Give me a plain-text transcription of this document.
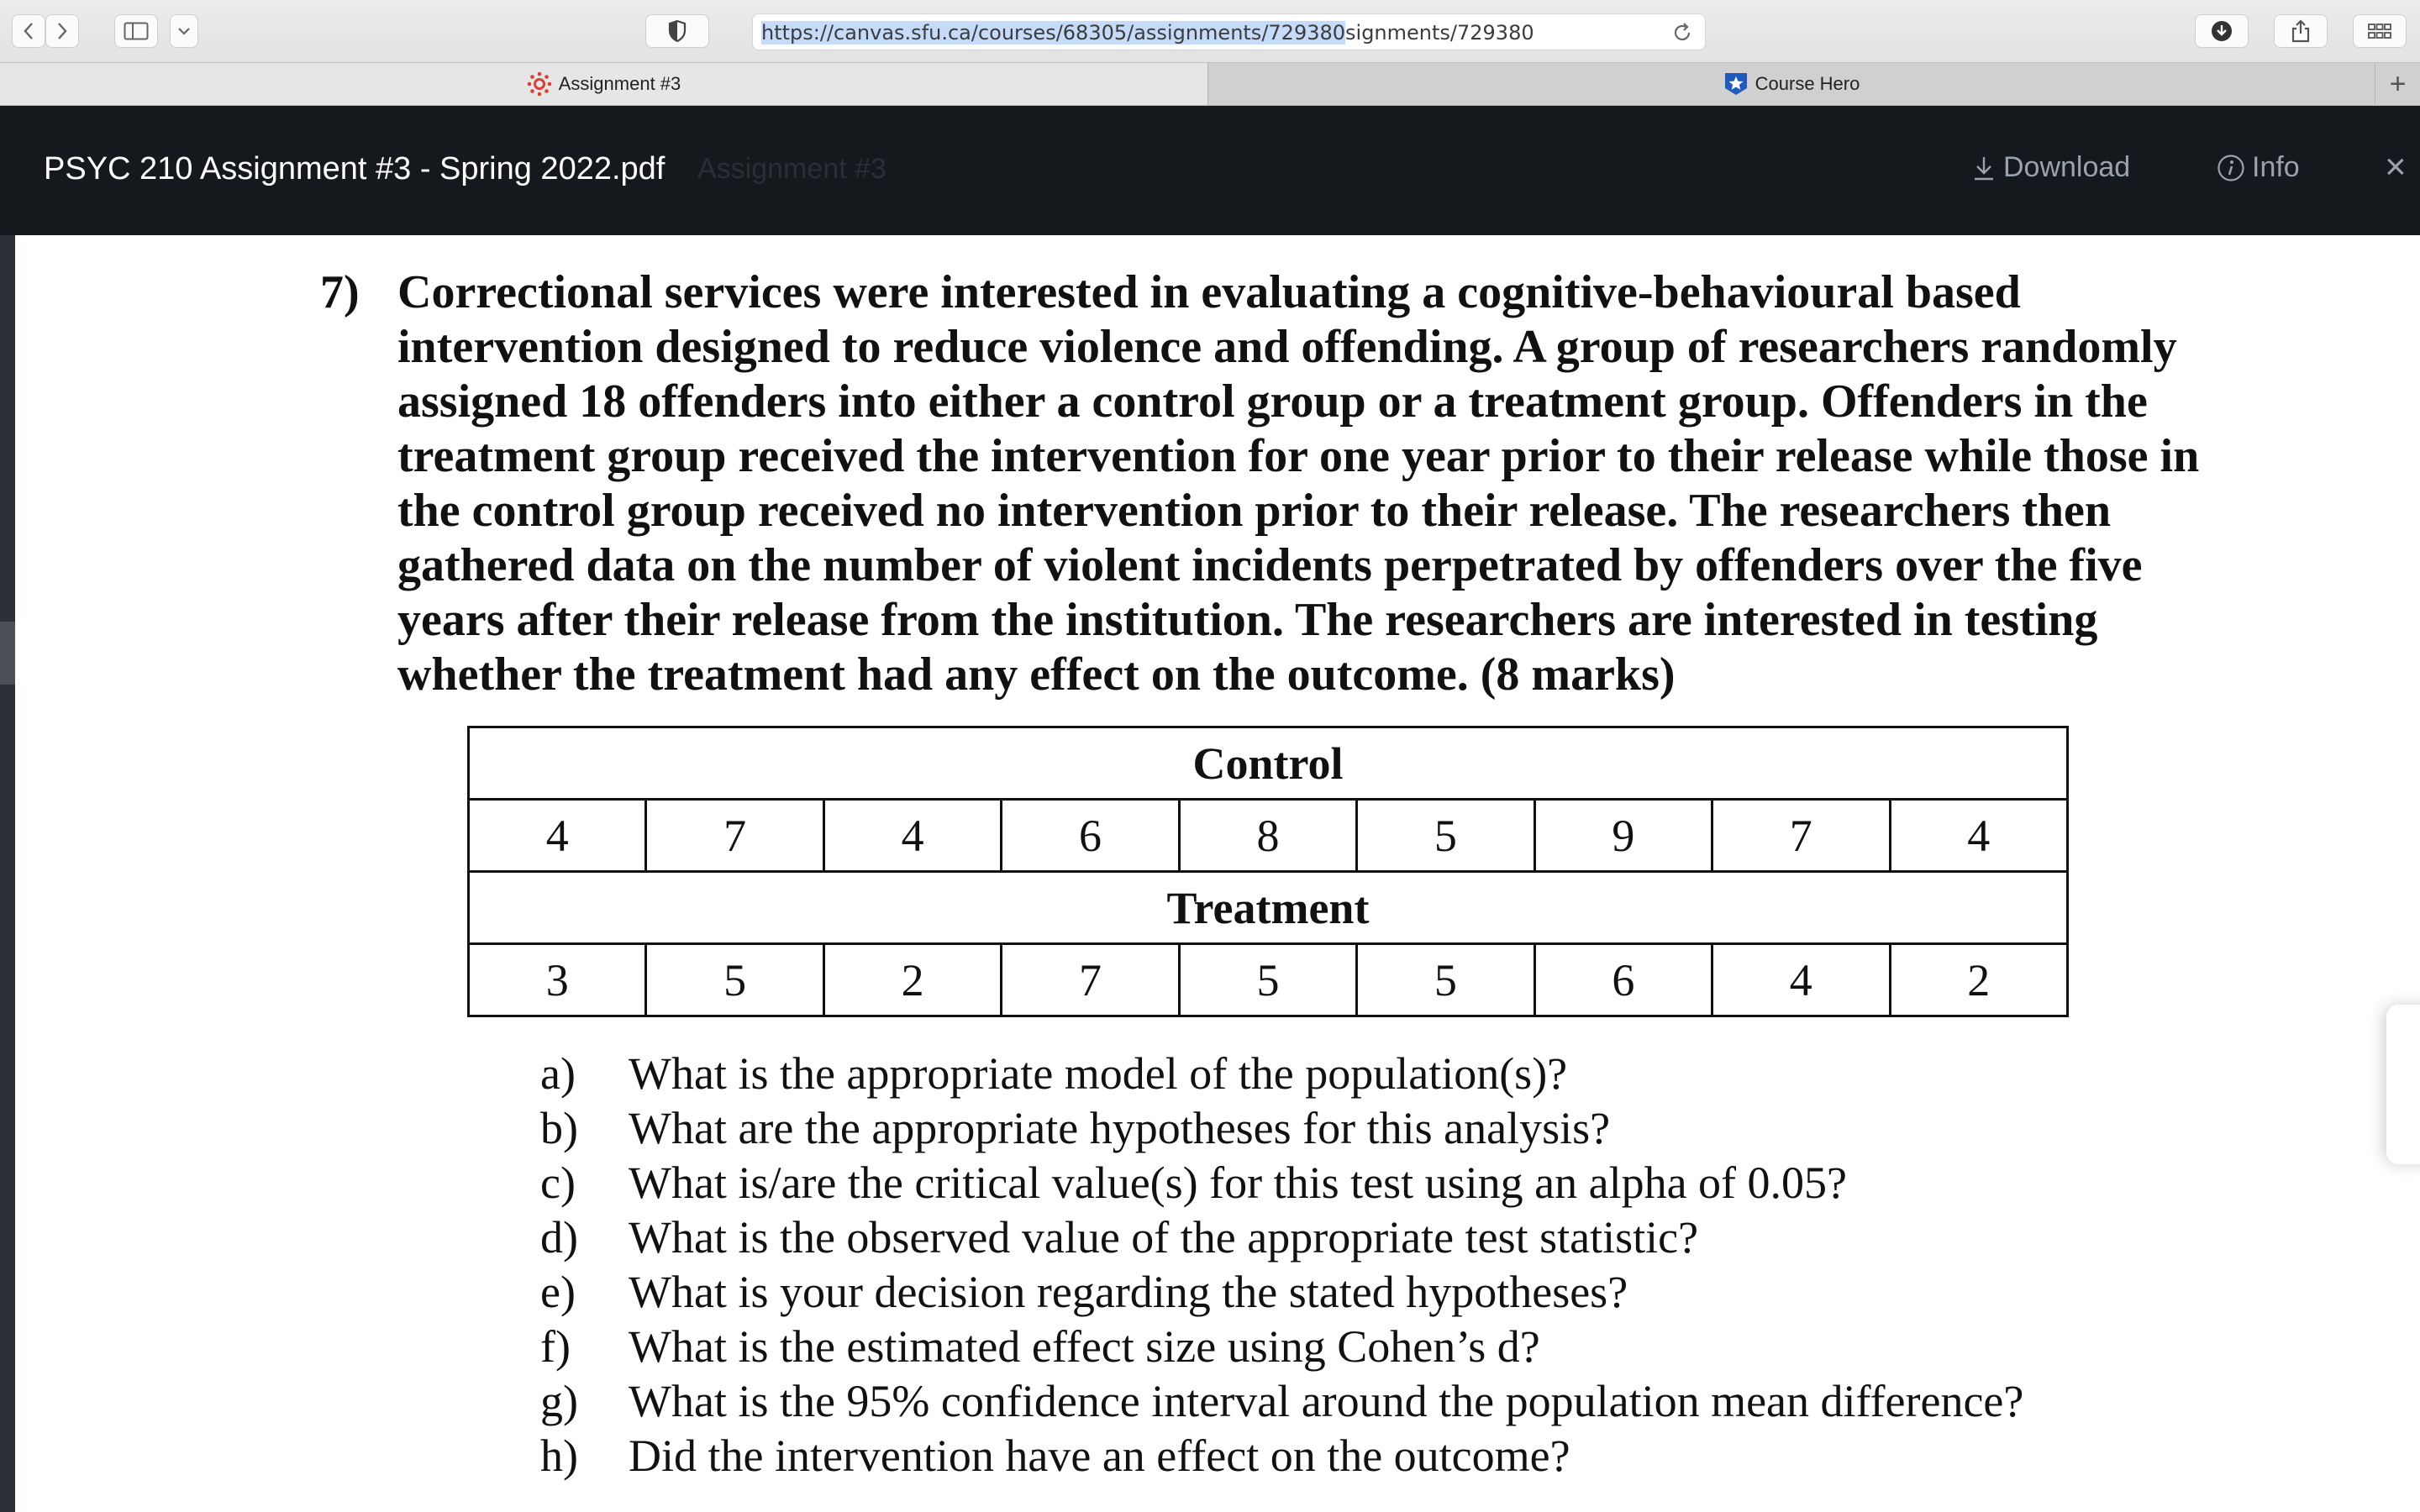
https://canvas.sfu.ca/courses/68305/assignments/729380signments/729380
Assignment #3	Course Hero	+
PSYC 210 Assignment #3 - Spring 2022.pdf Assignment #3	Download	Info ×
7) Correctional services were interested in evaluating a cognitive-behavioural based intervention designed to reduce violence and offending. A group of researchers randomly assigned 18 offenders into either a control group or a treatment group. Offenders in the treatment group received the intervention for one year prior to their release while those in the control group received no intervention prior to their release. The researchers then gathered data on the number of violent incidents perpetrated by offenders over the five years after their release from the institution. The researchers are interested in testing whether the treatment had any effect on the outcome. (8 marks)

Control								
4	7	4	6	8	5	9	7	4
Treatment								
3	5	2	7	5	5	6	4	2
a) What is the appropriate model of the population(s)?
b) What are the appropriate hypotheses for this analysis?
c) What is/are the critical value(s) for this test using an alpha of 0.05?
d) What is the observed value of the appropriate test statistic?
e) What is your decision regarding the stated hypotheses?
f) What is the estimated effect size using Cohen’s d?
g) What is the 95% confidence interval around the population mean difference?
h) Did the intervention have an effect on the outcome?
